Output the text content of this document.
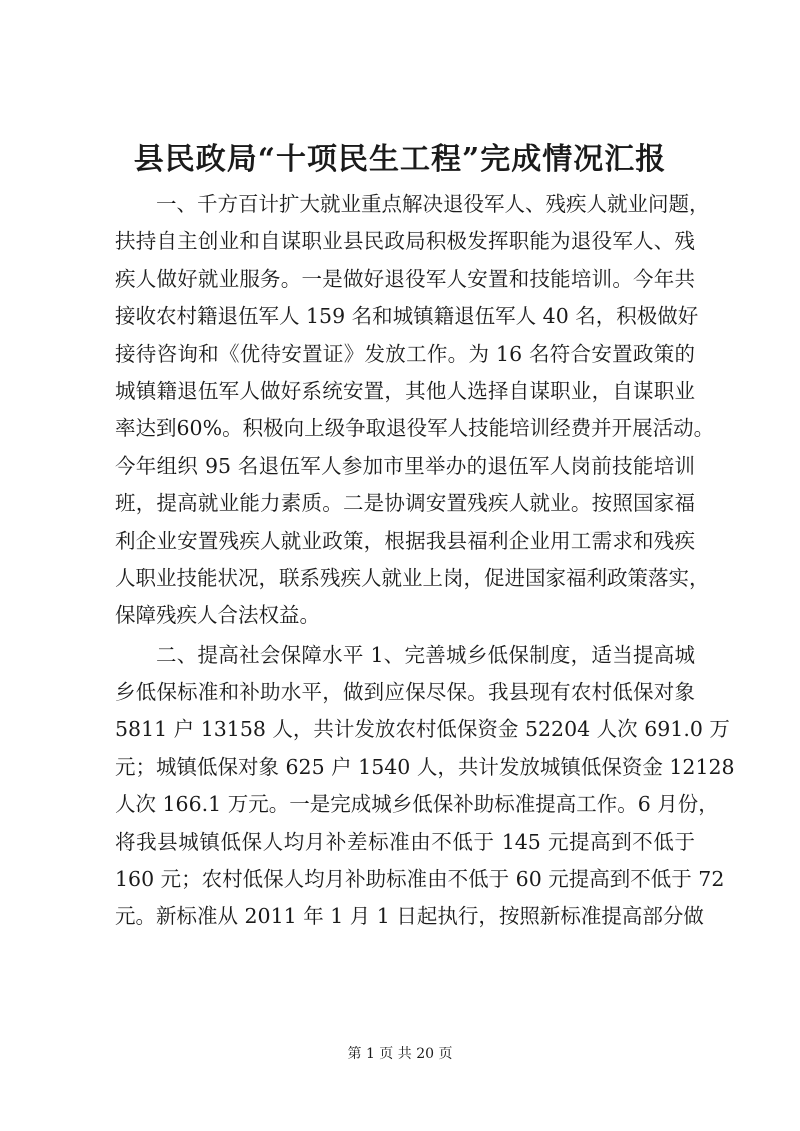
县民政局“十项民生工程”完成情况汇报

一、千方百计扩大就业重点解决退役军人、残疾人就业问题，
扶持自主创业和自谋职业县民政局积极发挥职能为退役军人、残
疾人做好就业服务。一是做好退役军人安置和技能培训。今年共
接收农村籍退伍军人 159 名和城镇籍退伍军人 40 名，积极做好
接待咨询和《优待安置证》发放工作。为 16 名符合安置政策的
城镇籍退伍军人做好系统安置，其他人选择自谋职业，自谋职业
率达到60%。积极向上级争取退役军人技能培训经费并开展活动。
今年组织 95 名退伍军人参加市里举办的退伍军人岗前技能培训
班，提高就业能力素质。二是协调安置残疾人就业。按照国家福
利企业安置残疾人就业政策，根据我县福利企业用工需求和残疾
人职业技能状况，联系残疾人就业上岗，促进国家福利政策落实，
保障残疾人合法权益。

二、提高社会保障水平 1、完善城乡低保制度，适当提高城
乡低保标准和补助水平，做到应保尽保。我县现有农村低保对象
5811 户 13158 人，共计发放农村低保资金 52204 人次 691.0 万
元；城镇低保对象 625 户 1540 人，共计发放城镇低保资金 12128
人次 166.1 万元。一是完成城乡低保补助标准提高工作。6 月份，
将我县城镇低保人均月补差标准由不低于 145 元提高到不低于
160 元；农村低保人均月补助标准由不低于 60 元提高到不低于 72
元。新标准从 2011 年 1 月 1 日起执行，按照新标准提高部分做

第 1 页 共 20 页
